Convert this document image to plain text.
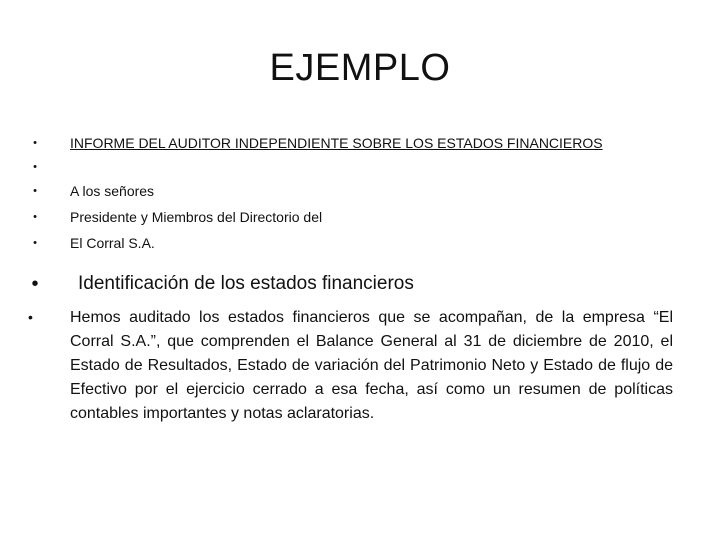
EJEMPLO
• INFORME DEL AUDITOR INDEPENDIENTE SOBRE LOS ESTADOS FINANCIEROS
•
• A los señores
• Presidente y Miembros del Directorio del
• El Corral S.A.
• Identificación de los estados financieros
• Hemos auditado los estados financieros que se acompañan, de la empresa “El Corral S.A.”, que comprenden el Balance General al 31 de diciembre de 2010, el Estado de Resultados, Estado de variación del Patrimonio Neto y Estado de flujo de Efectivo por el ejercicio cerrado a esa fecha, así como un resumen de políticas contables importantes y notas aclaratorias.
